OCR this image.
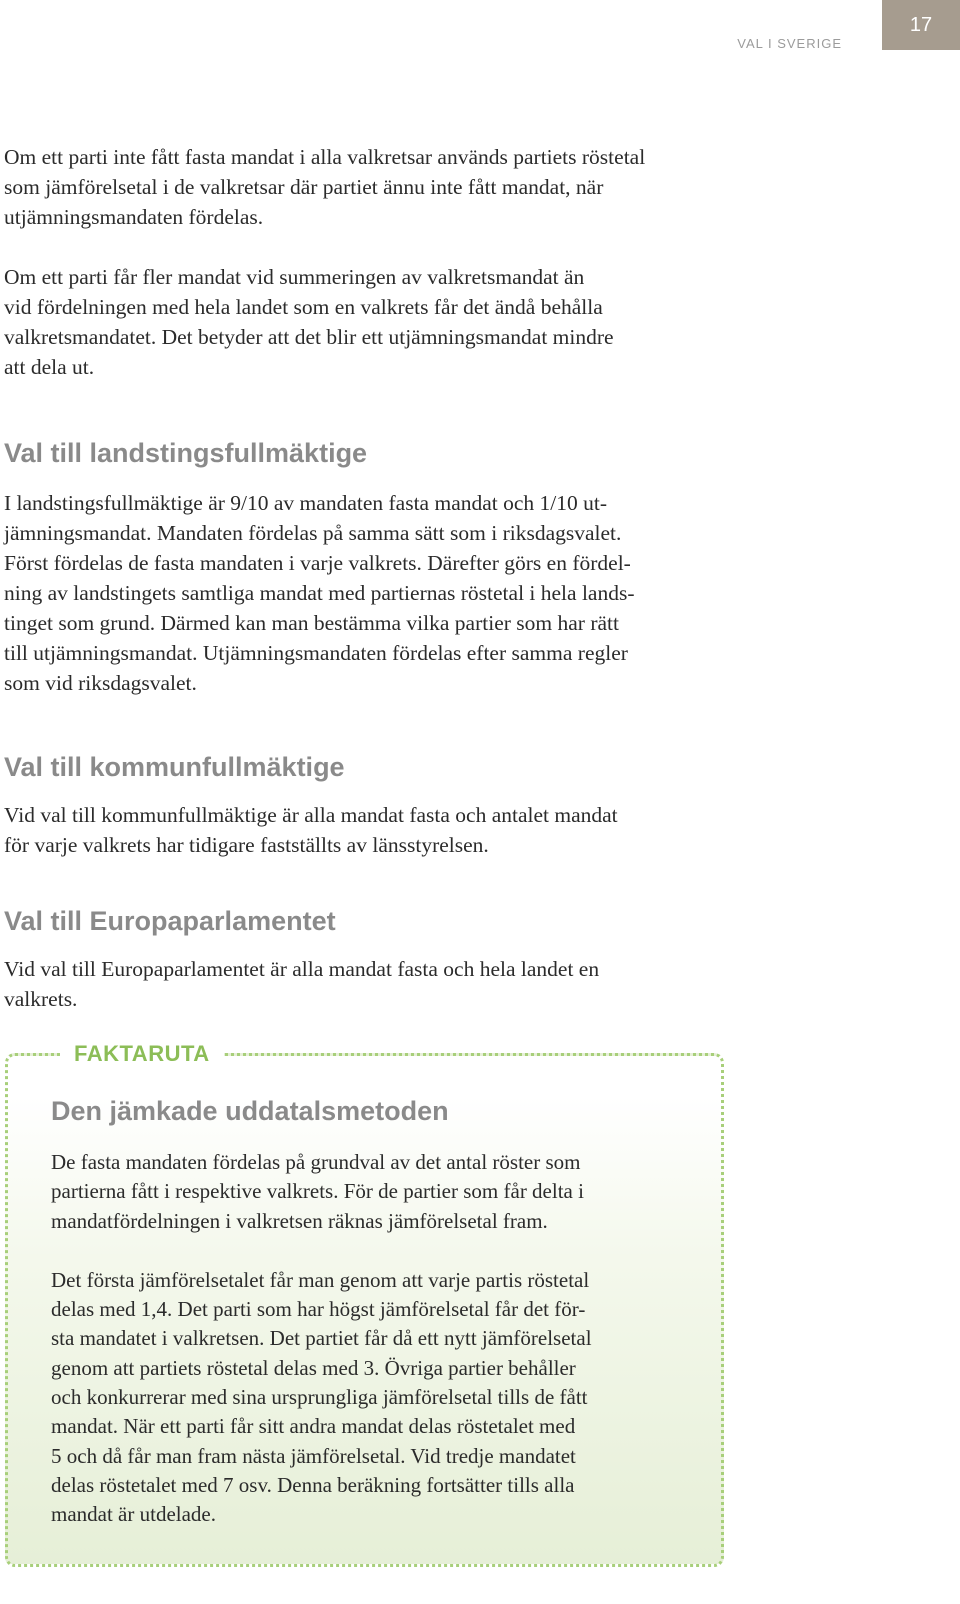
VAL I SVERIGE
17

Om ett parti inte fått fasta mandat i alla valkretsar används partiets röstetal
som jämförelsetal i de valkretsar där partiet ännu inte fått mandat, när
utjämningsmandaten fördelas.

Om ett parti får fler mandat vid summeringen av valkretsmandat än
vid fördelningen med hela landet som en valkrets får det ändå behålla
valkretsmandatet. Det betyder att det blir ett utjämningsmandat mindre
att dela ut.

Val till landstingsfullmäktige

I landstingsfullmäktige är 9/10 av mandaten fasta mandat och 1/10 ut-
jämningsmandat. Mandaten fördelas på samma sätt som i riksdagsvalet.
Först fördelas de fasta mandaten i varje valkrets. Därefter görs en fördel-
ning av landstingets samtliga mandat med partiernas röstetal i hela lands-
tinget som grund. Därmed kan man bestämma vilka partier som har rätt
till utjämningsmandat. Utjämningsmandaten fördelas efter samma regler
som vid riksdagsvalet.

Val till kommunfullmäktige

Vid val till kommunfullmäktige är alla mandat fasta och antalet mandat
för varje valkrets har tidigare fastställts av länsstyrelsen.

Val till Europaparlamentet

Vid val till Europaparlamentet är alla mandat fasta och hela landet en
valkrets.

FAKTARUTA
Den jämkade uddatalsmetoden

De fasta mandaten fördelas på grundval av det antal röster som
partierna fått i respektive valkrets. För de partier som får delta i
mandatfördelningen i valkretsen räknas jämförelsetal fram.

Det första jämförelsetalet får man genom att varje partis röstetal
delas med 1,4. Det parti som har högst jämförelsetal får det för-
sta mandatet i valkretsen. Det partiet får då ett nytt jämförelsetal
genom att partiets röstetal delas med 3. Övriga partier behåller
och konkurrerar med sina ursprungliga jämförelsetal tills de fått
mandat. När ett parti får sitt andra mandat delas röstetalet med
5 och då får man fram nästa jämförelsetal. Vid tredje mandatet
delas röstetalet med 7 osv. Denna beräkning fortsätter tills alla
mandat är utdelade.
